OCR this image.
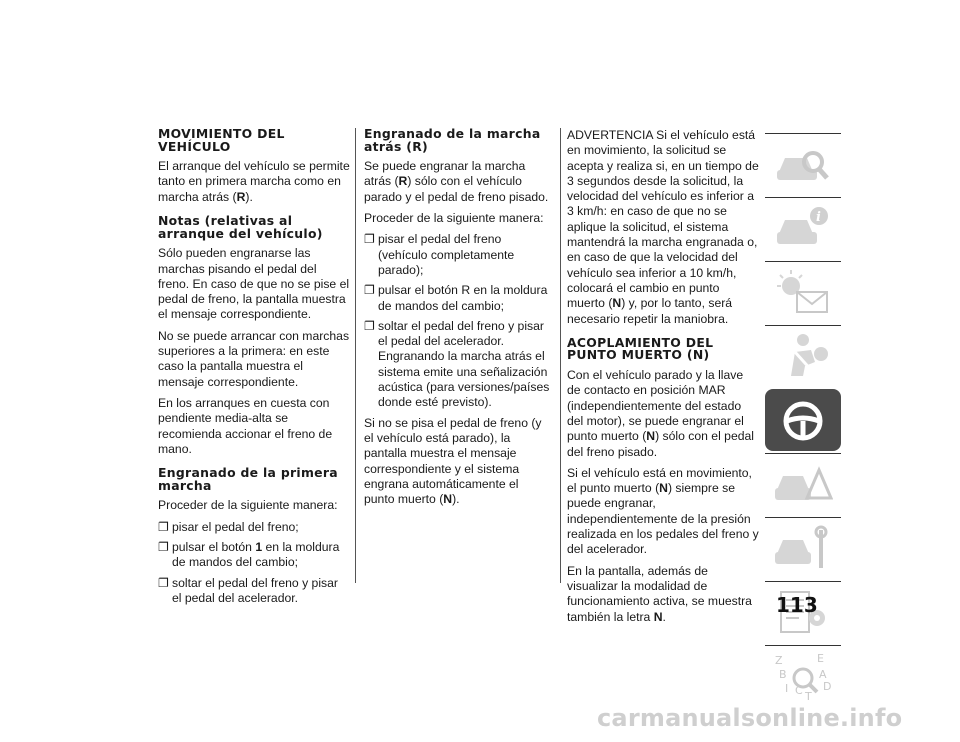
MOVIMIENTO DEL VEHÍCULO

El arranque del vehículo se permite tanto en primera marcha como en marcha atrás (R).

Notas (relativas al arranque del vehículo)

Sólo pueden engranarse las marchas pisando el pedal del freno. En caso de que no se pise el pedal de freno, la pantalla muestra el mensaje correspondiente.

No se puede arrancar con marchas superiores a la primera: en este caso la pantalla muestra el mensaje correspondiente.

En los arranques en cuesta con pendiente media-alta se recomienda accionar el freno de mano.

Engranado de la primera marcha

Proceder de la siguiente manera:

❐ pisar el pedal del freno;
❐ pulsar el botón 1 en la moldura de mandos del cambio;
❐ soltar el pedal del freno y pisar el pedal del acelerador.
Engranado de la marcha atrás (R)

Se puede engranar la marcha atrás (R) sólo con el vehículo parado y el pedal de freno pisado.

Proceder de la siguiente manera:

❐ pisar el pedal del freno (vehículo completamente parado);
❐ pulsar el botón R en la moldura de mandos del cambio;
❐ soltar el pedal del freno y pisar el pedal del acelerador. Engranando la marcha atrás el sistema emite una señalización acústica (para versiones/países donde esté previsto).

Si no se pisa el pedal de freno (y el vehículo está parado), la pantalla muestra el mensaje correspondiente y el sistema engrana automáticamente el punto muerto (N).

ADVERTENCIA Si el vehículo está en movimiento, la solicitud se acepta y realiza si, en un tiempo de 3 segundos desde la solicitud, la velocidad del vehículo es inferior a 3 km/h: en caso de que no se aplique la solicitud, el sistema mantendrá la marcha engranada o, en caso de que la velocidad del vehículo sea inferior a 10 km/h, colocará el cambio en punto muerto (N) y, por lo tanto, será necesario repetir la maniobra.

ACOPLAMIENTO DEL PUNTO MUERTO (N)

Con el vehículo parado y la llave de contacto en posición MAR (independientemente del estado del motor), se puede engranar el punto muerto (N) sólo con el pedal del freno pisado.

Si el vehículo está en movimiento, el punto muerto (N) siempre se puede engranar, independientemente de la presión realizada en los pedales del freno y del acelerador.

En la pantalla, además de visualizar la modalidad de funcionamiento activa, se muestra también la letra N.

i
Z	E
B	A
I	D
C T
113
carmanualsonline.info
